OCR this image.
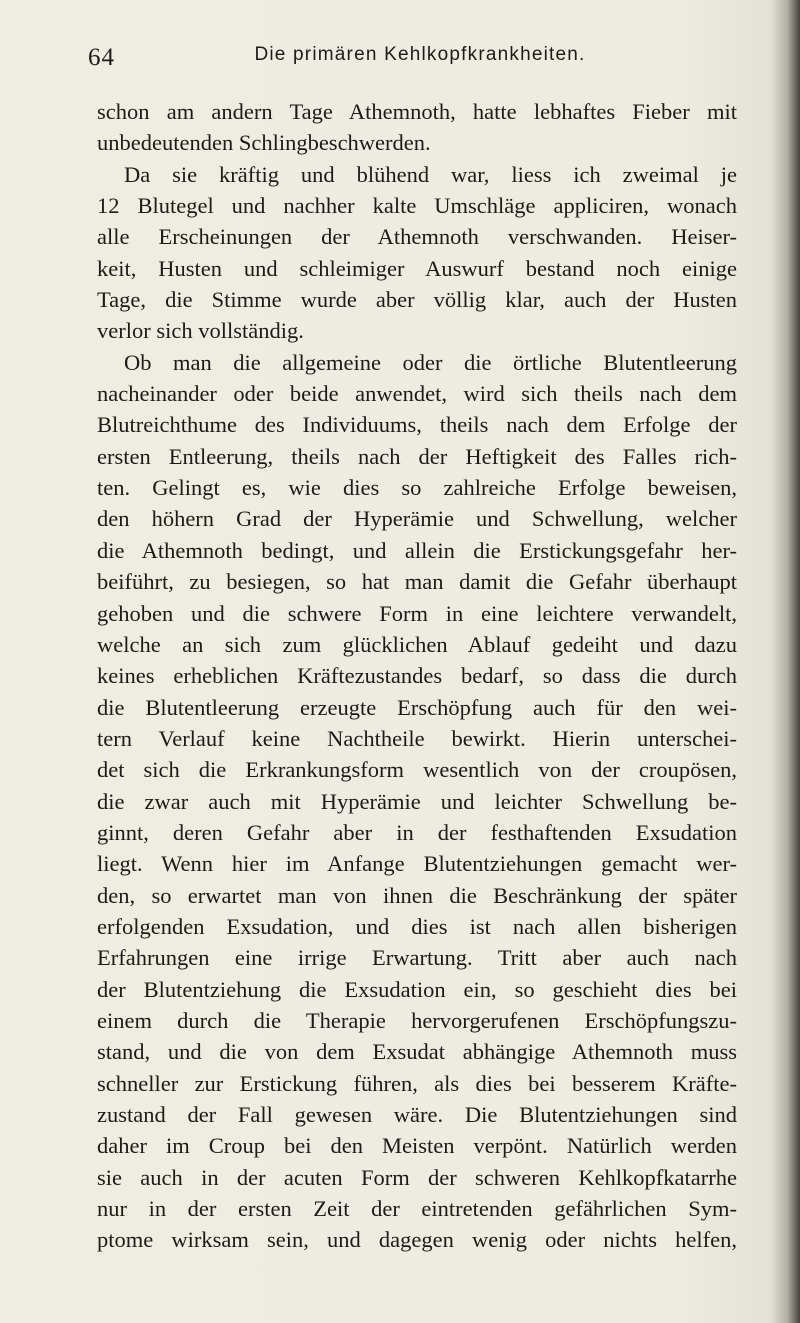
64	Die primären Kehlkopfkrankheiten.
schon am andern Tage Athemnoth, hatte lebhaftes Fieber mit
unbedeutenden Schlingbeschwerden.
Da sie kräftig und blühend war, liess ich zweimal je
12 Blutegel und nachher kalte Umschläge appliciren, wonach
alle Erscheinungen der Athemnoth verschwanden. Heiser-
keit, Husten und schleimiger Auswurf bestand noch einige
Tage, die Stimme wurde aber völlig klar, auch der Husten
verlor sich vollständig.
Ob man die allgemeine oder die örtliche Blutentleerung
nacheinander oder beide anwendet, wird sich theils nach dem
Blutreichthume des Individuums, theils nach dem Erfolge der
ersten Entleerung, theils nach der Heftigkeit des Falles rich-
ten. Gelingt es, wie dies so zahlreiche Erfolge beweisen,
den höhern Grad der Hyperämie und Schwellung, welcher
die Athemnoth bedingt, und allein die Erstickungsgefahr her-
beiführt, zu besiegen, so hat man damit die Gefahr überhaupt
gehoben und die schwere Form in eine leichtere verwandelt,
welche an sich zum glücklichen Ablauf gedeiht und dazu
keines erheblichen Kräftezustandes bedarf, so dass die durch
die Blutentleerung erzeugte Erschöpfung auch für den wei-
tern Verlauf keine Nachtheile bewirkt. Hierin unterschei-
det sich die Erkrankungsform wesentlich von der croupösen,
die zwar auch mit Hyperämie und leichter Schwellung be-
ginnt, deren Gefahr aber in der festhaftenden Exsudation
liegt. Wenn hier im Anfange Blutentziehungen gemacht wer-
den, so erwartet man von ihnen die Beschränkung der später
erfolgenden Exsudation, und dies ist nach allen bisherigen
Erfahrungen eine irrige Erwartung. Tritt aber auch nach
der Blutentziehung die Exsudation ein, so geschieht dies bei
einem durch die Therapie hervorgerufenen Erschöpfungszu-
stand, und die von dem Exsudat abhängige Athemnoth muss
schneller zur Erstickung führen, als dies bei besserem Kräfte-
zustand der Fall gewesen wäre. Die Blutentziehungen sind
daher im Croup bei den Meisten verpönt. Natürlich werden
sie auch in der acuten Form der schweren Kehlkopfkatarrhe
nur in der ersten Zeit der eintretenden gefährlichen Sym-
ptome wirksam sein, und dagegen wenig oder nichts helfen,
